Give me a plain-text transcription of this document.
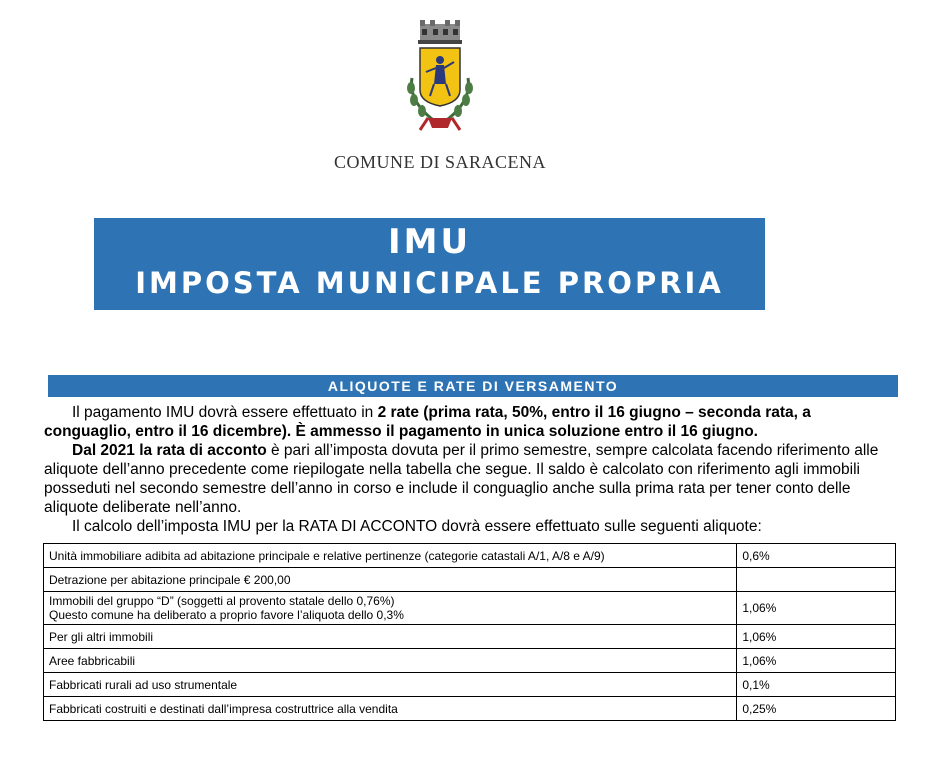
COMUNE DI SARACENA
IMU
IMPOSTA MUNICIPALE PROPRIA
ALIQUOTE E RATE DI VERSAMENTO

Il pagamento IMU dovrà essere effettuato in 2 rate (prima rata, 50%, entro il 16 giugno – seconda rata, a conguaglio, entro il 16 dicembre). È ammesso il pagamento in unica soluzione entro il 16 giugno.

Dal 2021 la rata di acconto è pari all’imposta dovuta per il primo semestre, sempre calcolata facendo riferimento alle aliquote dell’anno precedente come riepilogate nella tabella che segue. Il saldo è calcolato con riferimento agli immobili posseduti nel secondo semestre dell’anno in corso e include il conguaglio anche sulla prima rata per tener conto delle aliquote deliberate nell’anno.

Il calcolo dell’imposta IMU per la RATA DI ACCONTO dovrà essere effettuato sulle seguenti aliquote:

Unità immobiliare adibita ad abitazione principale e relative pertinenze (categorie catastali A/1, A/8 e A/9)	0,6%
Detrazione per abitazione principale € 200,00	

Immobili del gruppo “D” (soggetti al provento statale dello 0,76%)
Questo comune ha deliberato a proprio favore l’aliquota dello 0,3%	1,06%
Per gli altri immobili	1,06%
Aree fabbricabili	1,06%
Fabbricati rurali ad uso strumentale	0,1%
Fabbricati costruiti e destinati dall’impresa costruttrice alla vendita	0,25%
